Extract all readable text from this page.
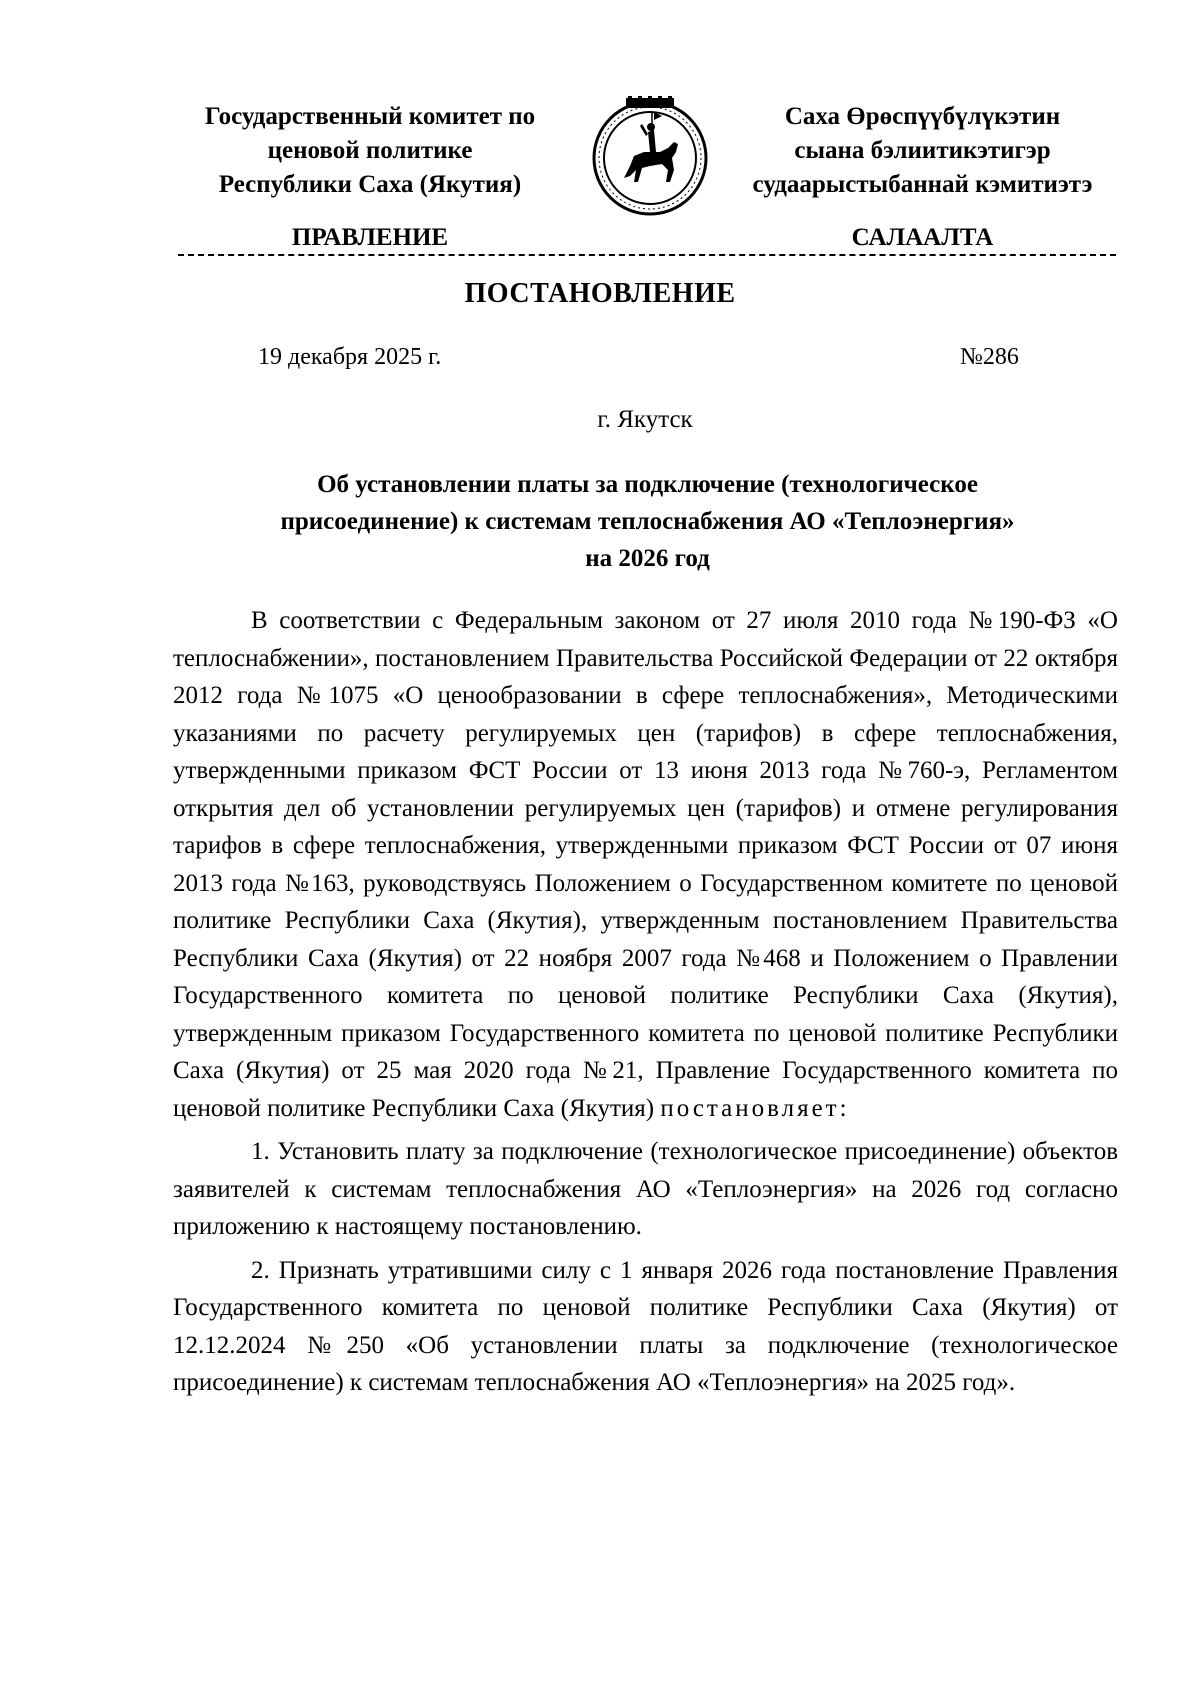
Государственный комитет по
ценовой политике
Республики Саха (Якутия)
Саха Өрөспүүбүлүкэтин
сыана бэлиитикэтигэр
судаарыстыбаннай кэмитиэтэ
ПРАВЛЕНИЕ	САЛААЛТА
ПОСТАНОВЛЕНИЕ
19 декабря 2025 г.	№286
г. Якутск
Об установлении платы за подключение (технологическое
присоединение) к системам теплоснабжения АО «Теплоэнергия»
на 2026 год

В соответствии с Федеральным законом от 27 июля 2010 года №190-ФЗ «О теплоснабжении», постановлением Правительства Российской Федерации от 22 октября 2012 года №1075 «О ценообразовании в сфере теплоснабжения», Методическими указаниями по расчету регулируемых цен (тарифов) в сфере теплоснабжения, утвержденными приказом ФСТ России от 13 июня 2013 года №760-э, Регламентом открытия дел об установлении регулируемых цен (тарифов) и отмене регулирования тарифов в сфере теплоснабжения, утвержденными приказом ФСТ России от 07 июня 2013 года №163, руководствуясь Положением о Государственном комитете по ценовой политике Республики Саха (Якутия), утвержденным постановлением Правительства Республики Саха (Якутия) от 22 ноября 2007 года №468 и Положением о Правлении Государственного комитета по ценовой политике Республики Саха (Якутия), утвержденным приказом Государственного комитета по ценовой политике Республики Саха (Якутия) от 25 мая 2020 года №21, Правление Государственного комитета по ценовой политике Республики Саха (Якутия) постановляет:

1. Установить плату за подключение (технологическое присоединение) объектов заявителей к системам теплоснабжения АО «Теплоэнергия» на 2026 год согласно приложению к настоящему постановлению.

2. Признать утратившими силу с 1 января 2026 года постановление Правления Государственного комитета по ценовой политике Республики Саха (Якутия) от 12.12.2024 №250 «Об установлении платы за подключение (технологическое присоединение) к системам теплоснабжения АО «Теплоэнергия» на 2025 год».
